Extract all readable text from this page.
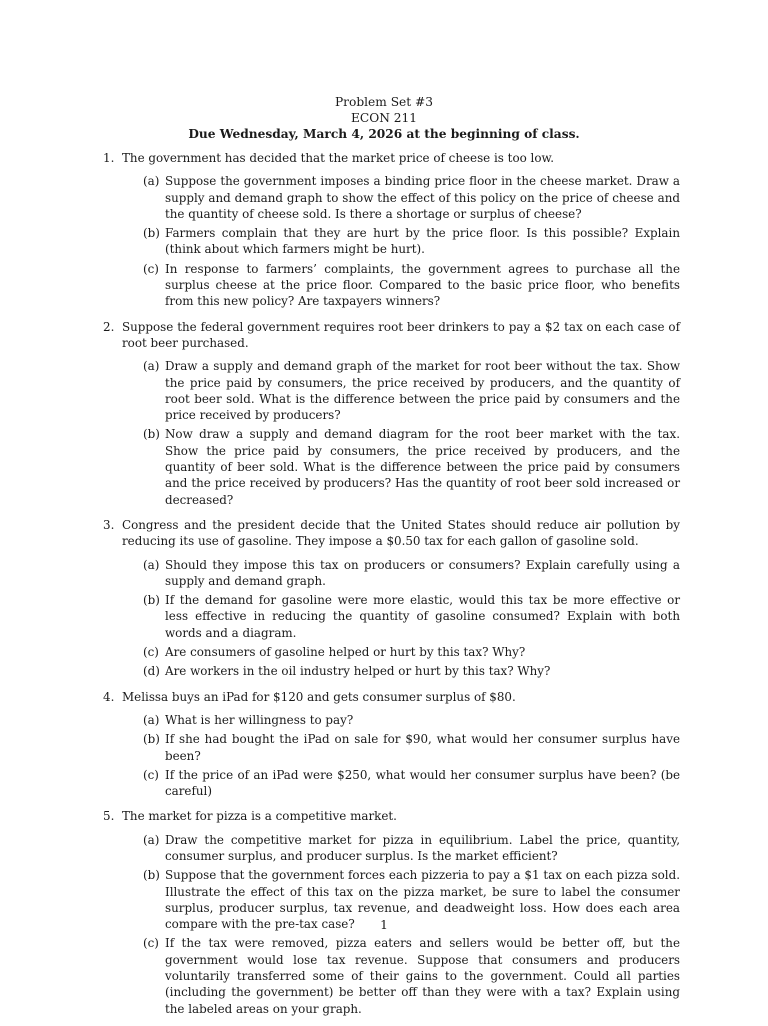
Problem Set #3
ECON 211
Due Wednesday, March 4, 2026 at the beginning of class.
1. The government has decided that the market price of cheese is too low.
(a) Suppose the government imposes a binding price floor in the cheese market. Draw a supply and demand graph to show the effect of this policy on the price of cheese and the quantity of cheese sold. Is there a shortage or surplus of cheese?
(b) Farmers complain that they are hurt by the price floor. Is this possible? Explain (think about which farmers might be hurt).
(c) In response to farmers’ complaints, the government agrees to purchase all the surplus cheese at the price floor. Compared to the basic price floor, who benefits from this new policy? Are taxpayers winners?
2. Suppose the federal government requires root beer drinkers to pay a $2 tax on each case of root beer purchased.
(a) Draw a supply and demand graph of the market for root beer without the tax. Show the price paid by consumers, the price received by producers, and the quantity of root beer sold. What is the difference between the price paid by consumers and the price received by producers?
(b) Now draw a supply and demand diagram for the root beer market with the tax. Show the price paid by consumers, the price received by producers, and the quantity of beer sold. What is the difference between the price paid by consumers and the price received by producers? Has the quantity of root beer sold increased or decreased?
3. Congress and the president decide that the United States should reduce air pollution by reducing its use of gasoline. They impose a $0.50 tax for each gallon of gasoline sold.
(a) Should they impose this tax on producers or consumers? Explain carefully using a supply and demand graph.
(b) If the demand for gasoline were more elastic, would this tax be more effective or less effective in reducing the quantity of gasoline consumed? Explain with both words and a diagram.
(c) Are consumers of gasoline helped or hurt by this tax? Why?
(d) Are workers in the oil industry helped or hurt by this tax? Why?
4. Melissa buys an iPad for $120 and gets consumer surplus of $80.
(a) What is her willingness to pay?
(b) If she had bought the iPad on sale for $90, what would her consumer surplus have been?
(c) If the price of an iPad were $250, what would her consumer surplus have been? (be careful)
5. The market for pizza is a competitive market.
(a) Draw the competitive market for pizza in equilibrium. Label the price, quantity, consumer surplus, and producer surplus. Is the market efficient?
(b) Suppose that the government forces each pizzeria to pay a $1 tax on each pizza sold. Illustrate the effect of this tax on the pizza market, be sure to label the consumer surplus, producer surplus, tax revenue, and deadweight loss. How does each area compare with the pre-tax case?
(c) If the tax were removed, pizza eaters and sellers would be better off, but the government would lose tax revenue. Suppose that consumers and producers voluntarily transferred some of their gains to the government. Could all parties (including the government) be better off than they were with a tax? Explain using the labeled areas on your graph.
1
